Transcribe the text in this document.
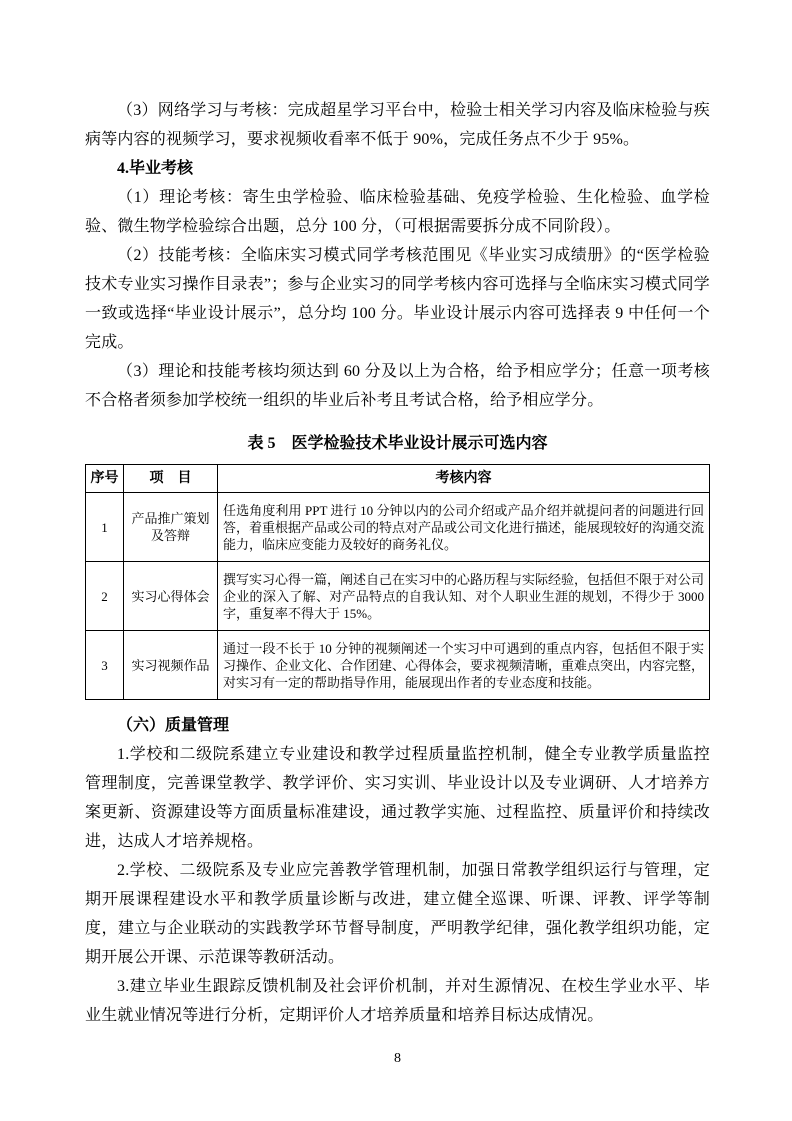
（3）网络学习与考核：完成超星学习平台中，检验士相关学习内容及临床检验与疾病等内容的视频学习，要求视频收看率不低于 90%，完成任务点不少于 95%。

4.毕业考核

（1）理论考核：寄生虫学检验、临床检验基础、免疫学检验、生化检验、血学检验、微生物学检验综合出题，总分 100 分，（可根据需要拆分成不同阶段）。

（2）技能考核：全临床实习模式同学考核范围见《毕业实习成绩册》的“医学检验技术专业实习操作目录表”；参与企业实习的同学考核内容可选择与全临床实习模式同学一致或选择“毕业设计展示”，总分均 100 分。毕业设计展示内容可选择表 9 中任何一个完成。

（3）理论和技能考核均须达到 60 分及以上为合格，给予相应学分；任意一项考核不合格者须参加学校统一组织的毕业后补考且考试合格，给予相应学分。

表 5　医学检验技术毕业设计展示可选内容
序号	项　目	考核内容
1	产品推广策划及答辩	任选角度利用 PPT 进行 10 分钟以内的公司介绍或产品介绍并就提问者的问题进行回答，着重根据产品或公司的特点对产品或公司文化进行描述，能展现较好的沟通交流能力，临床应变能力及较好的商务礼仪。
2	实习心得体会	撰写实习心得一篇，阐述自己在实习中的心路历程与实际经验，包括但不限于对公司企业的深入了解、对产品特点的自我认知、对个人职业生涯的规划，不得少于 3000 字，重复率不得大于 15%。
3	实习视频作品	通过一段不长于 10 分钟的视频阐述一个实习中可遇到的重点内容，包括但不限于实习操作、企业文化、合作团建、心得体会，要求视频清晰，重难点突出，内容完整，对实习有一定的帮助指导作用，能展现出作者的专业态度和技能。

（六）质量管理

1.学校和二级院系建立专业建设和教学过程质量监控机制，健全专业教学质量监控管理制度，完善课堂教学、教学评价、实习实训、毕业设计以及专业调研、人才培养方案更新、资源建设等方面质量标准建设，通过教学实施、过程监控、质量评价和持续改进，达成人才培养规格。

2.学校、二级院系及专业应完善教学管理机制，加强日常教学组织运行与管理，定期开展课程建设水平和教学质量诊断与改进，建立健全巡课、听课、评教、评学等制度，建立与企业联动的实践教学环节督导制度，严明教学纪律，强化教学组织功能，定期开展公开课、示范课等教研活动。

3.建立毕业生跟踪反馈机制及社会评价机制，并对生源情况、在校生学业水平、毕业生就业情况等进行分析，定期评价人才培养质量和培养目标达成情况。

8
